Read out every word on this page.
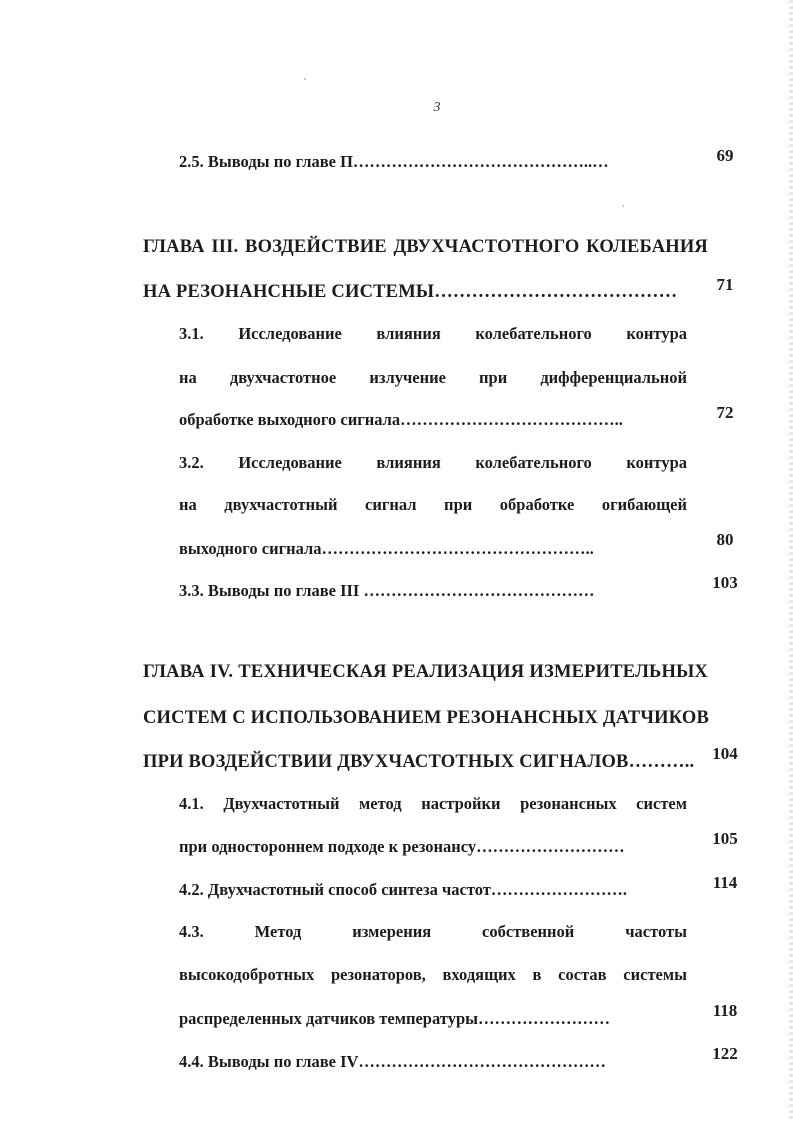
3

2.5. Выводы по главе П……………………………………..…	69

ГЛАВА III. ВОЗДЕЙСТВИЕ ДВУХЧАСТОТНОГО КОЛЕБАНИЯ

НА РЕЗОНАНСНЫЕ СИСТЕМЫ…………………………………	71

3.1. Исследование влияния колебательного контура

на двухчастотное излучение при дифференциальной

обработке выходного сигнала…………………………………..	72

3.2. Исследование влияния колебательного контура

на двухчастотный сигнал при обработке огибающей

выходного сигнала…………………………………………..	80

3.3. Выводы по главе III ……………………………………	103

ГЛАВА IV. ТЕХНИЧЕСКАЯ РЕАЛИЗАЦИЯ ИЗМЕРИТЕЛЬНЫХ

СИСТЕМ С ИСПОЛЬЗОВАНИЕМ РЕЗОНАНСНЫХ ДАТЧИКОВ

ПРИ ВОЗДЕЙСТВИИ ДВУХЧАСТОТНЫХ СИГНАЛОВ………..	104

4.1. Двухчастотный метод настройки резонансных систем

при одностороннем подходе к резонансу………………………	105

4.2. Двухчастотный способ синтеза частот…………………….	114

4.3. Метод измерения собственной частоты

высокодобротных резонаторов, входящих в состав системы

распределенных датчиков температуры……………………	118

4.4. Выводы по главе IV………………………………………	122
